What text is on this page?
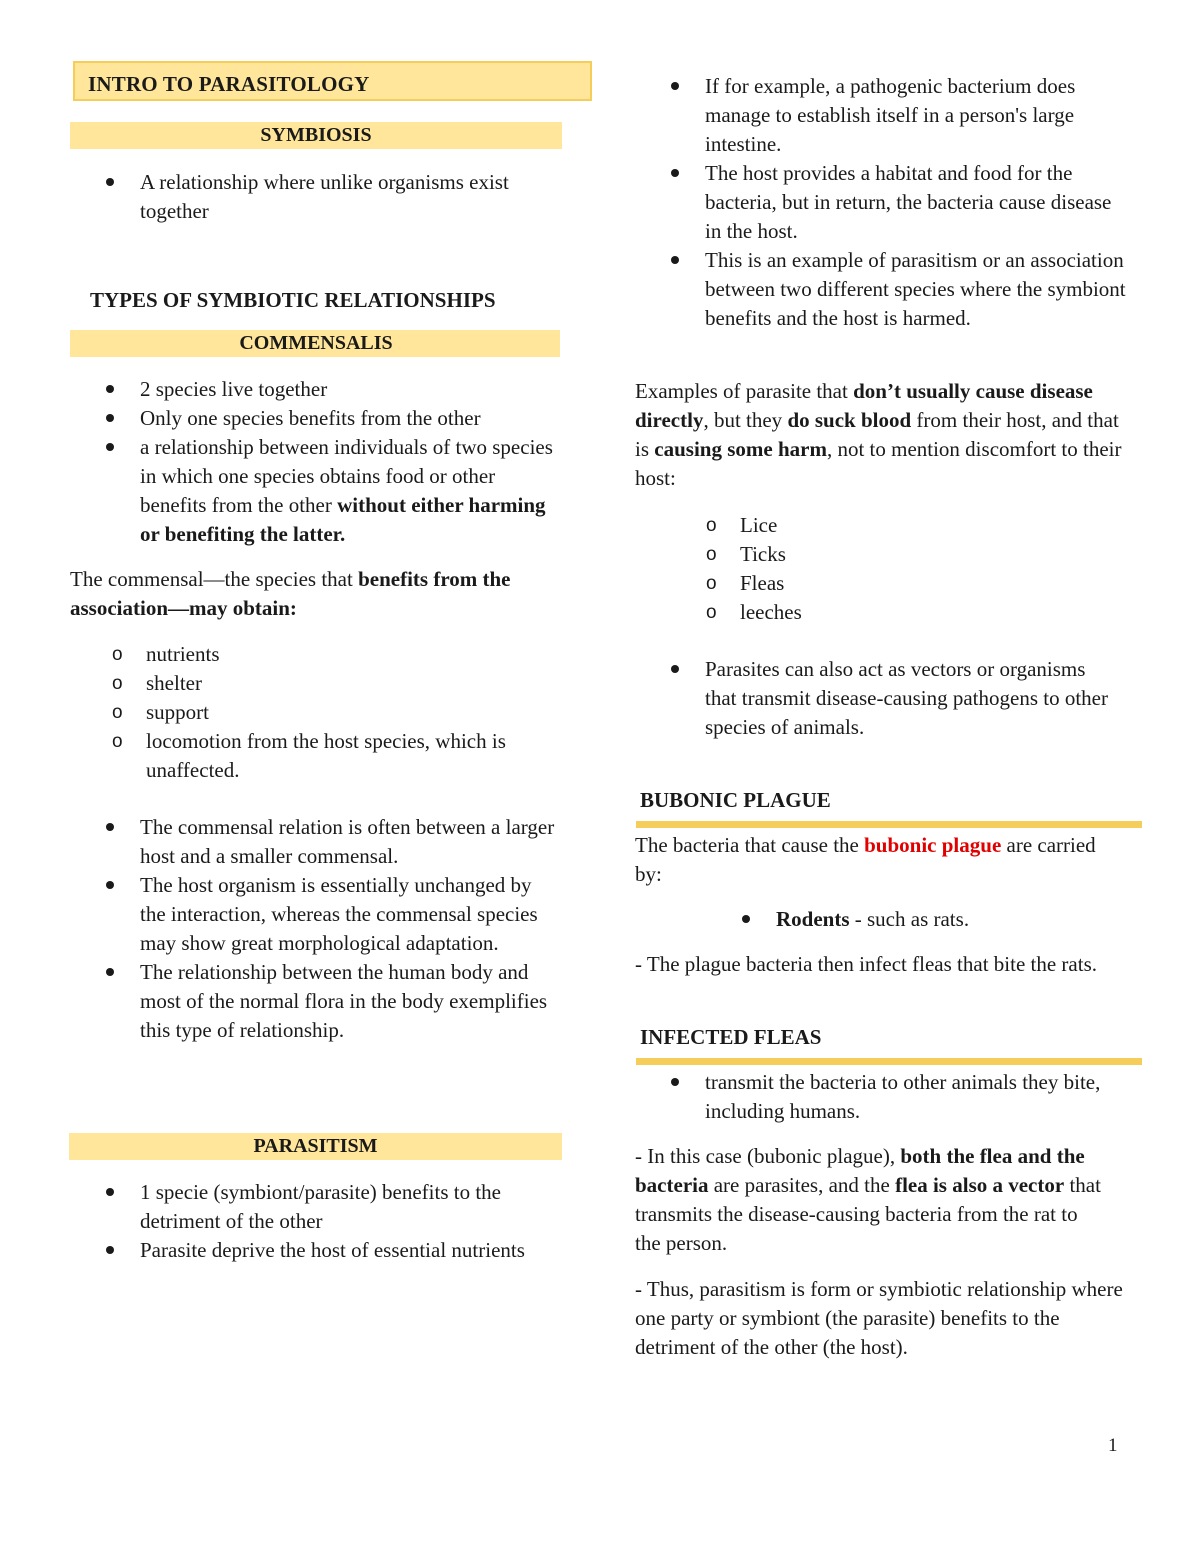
INTRO TO PARASITOLOGY
SYMBIOSIS
A relationship where unlike organisms exist together
TYPES OF SYMBIOTIC RELATIONSHIPS
COMMENSALIS
2 species live together
Only one species benefits from the other
a relationship between individuals of two species in which one species obtains food or other benefits from the other without either harming or benefiting the latter.
The commensal—the species that benefits from the association—may obtain:
o nutrients
o shelter
o support
o locomotion from the host species, which is unaffected.
The commensal relation is often between a larger host and a smaller commensal.
The host organism is essentially unchanged by the interaction, whereas the commensal species may show great morphological adaptation.
The relationship between the human body and most of the normal flora in the body exemplifies this type of relationship.
PARASITISM
1 specie (symbiont/parasite) benefits to the detriment of the other
Parasite deprive the host of essential nutrients
If for example, a pathogenic bacterium does manage to establish itself in a person's large intestine.
The host provides a habitat and food for the bacteria, but in return, the bacteria cause disease in the host.
This is an example of parasitism or an association between two different species where the symbiont benefits and the host is harmed.
Examples of parasite that don’t usually cause disease directly, but they do suck blood from their host, and that is causing some harm, not to mention discomfort to their host:
o Lice
o Ticks
o Fleas
o leeches
Parasites can also act as vectors or organisms that transmit disease-causing pathogens to other species of animals.
BUBONIC PLAGUE
The bacteria that cause the bubonic plague are carried by:
Rodents - such as rats.
- The plague bacteria then infect fleas that bite the rats.
INFECTED FLEAS
transmit the bacteria to other animals they bite, including humans.
- In this case (bubonic plague), both the flea and the bacteria are parasites, and the flea is also a vector that transmits the disease-causing bacteria from the rat to the person.
- Thus, parasitism is form or symbiotic relationship where one party or symbiont (the parasite) benefits to the detriment of the other (the host).
1
